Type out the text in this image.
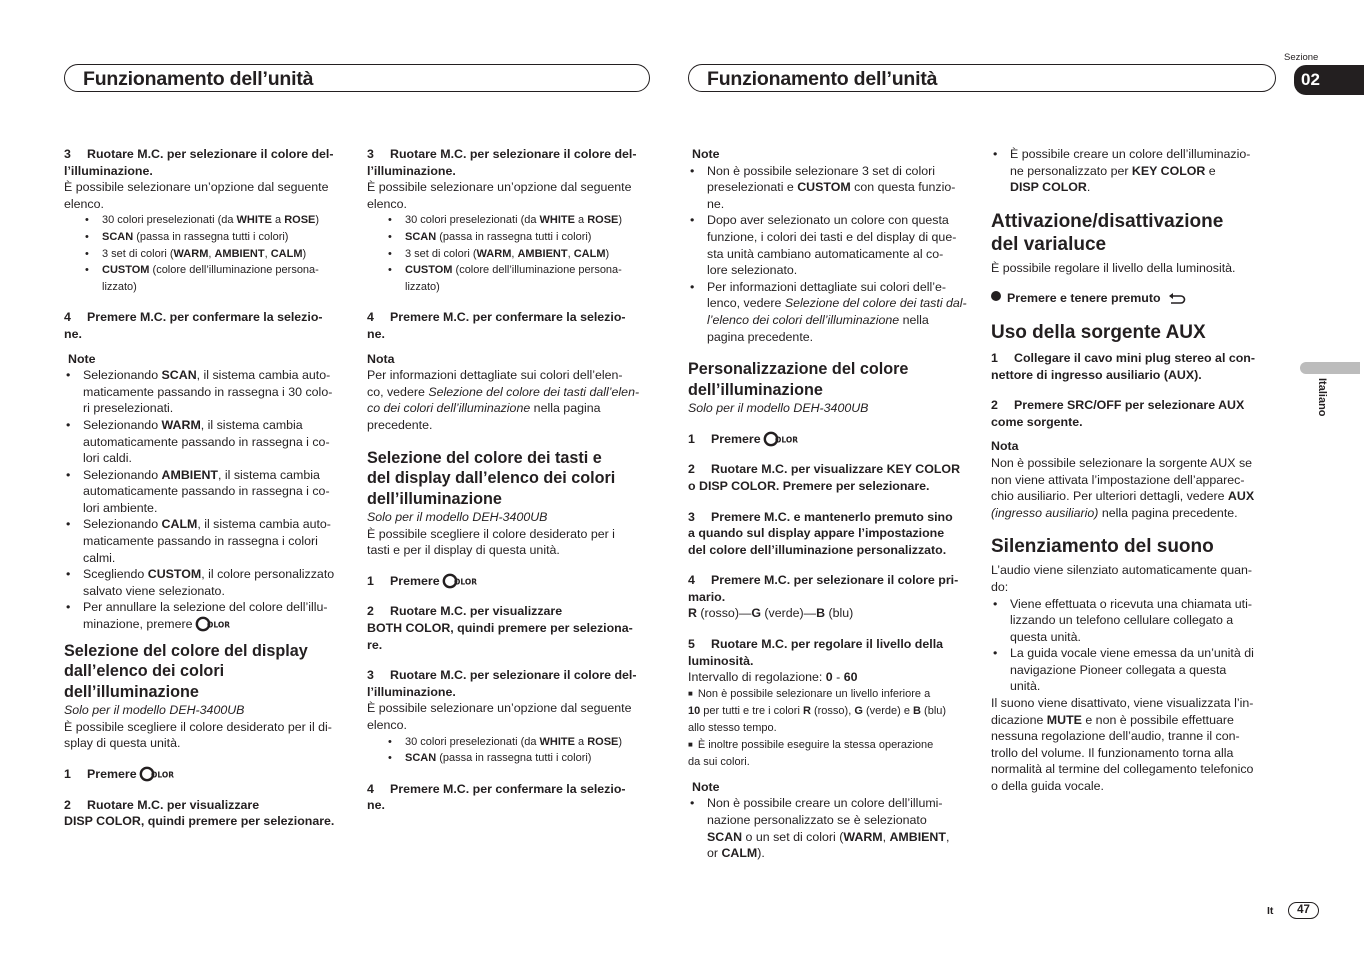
Funzionamento dell’unità	Funzionamento dell’unità
Sezione
02
Italiano
It	47

3 Ruotare M.C. per selezionare il colore del-
l’illuminazione.

È possibile selezionare un’opzione dal seguente
elenco.

• 30 colori preselezionati (da WHITE a ROSE)
• SCAN (passa in rassegna tutti i colori)
• 3 set di colori (WARM, AMBIENT, CALM)
• CUSTOM (colore dell’illuminazione persona-
lizzato)

4 Premere M.C. per confermare la selezio-
ne.

Note

• Selezionando SCAN, il sistema cambia auto-
maticamente passando in rassegna i 30 colo-
ri preselezionati.
• Selezionando WARM, il sistema cambia
automaticamente passando in rassegna i co-
lori caldi.
• Selezionando AMBIENT, il sistema cambia
automaticamente passando in rassegna i co-
lori ambiente.
• Selezionando CALM, il sistema cambia auto-
maticamente passando in rassegna i colori
calmi.
• Scegliendo CUSTOM, il colore personalizzato
salvato viene selezionato.
• Per annullare la selezione del colore dell’illu-
minazione, premere OLOR

Selezione del colore del display
dall’elenco dei colori
dell’illuminazione

Solo per il modello DEH-3400UB

È possibile scegliere il colore desiderato per il di-
splay di questa unità.

1 Premere OLOR

2 Ruotare M.C. per visualizzare
DISP COLOR, quindi premere per selezionare.

3 Ruotare M.C. per selezionare il colore del-
l’illuminazione.

È possibile selezionare un’opzione dal seguente
elenco.

• 30 colori preselezionati (da WHITE a ROSE)
• SCAN (passa in rassegna tutti i colori)
• 3 set di colori (WARM, AMBIENT, CALM)
• CUSTOM (colore dell’illuminazione persona-
lizzato)

4 Premere M.C. per confermare la selezio-
ne.

Nota

Per informazioni dettagliate sui colori dell’elen-
co, vedere Selezione del colore dei tasti dall’elen-
co dei colori dell’illuminazione nella pagina
precedente.

Selezione del colore dei tasti e
del display dall’elenco dei colori
dell’illuminazione

Solo per il modello DEH-3400UB

È possibile scegliere il colore desiderato per i
tasti e per il display di questa unità.

1 Premere OLOR

2 Ruotare M.C. per visualizzare
BOTH COLOR, quindi premere per seleziona-
re.

3 Ruotare M.C. per selezionare il colore del-
l’illuminazione.

È possibile selezionare un’opzione dal seguente
elenco.

• 30 colori preselezionati (da WHITE a ROSE)
• SCAN (passa in rassegna tutti i colori)

4 Premere M.C. per confermare la selezio-
ne.

Note

• Non è possibile selezionare 3 set di colori
preselezionati e CUSTOM con questa funzio-
ne.
• Dopo aver selezionato un colore con questa
funzione, i colori dei tasti e del display di que-
sta unità cambiano automaticamente al co-
lore selezionato.
• Per informazioni dettagliate sui colori dell’e-
lenco, vedere Selezione del colore dei tasti dal-
l’elenco dei colori dell’illuminazione nella
pagina precedente.

Personalizzazione del colore
dell’illuminazione

Solo per il modello DEH-3400UB

1 Premere OLOR

2 Ruotare M.C. per visualizzare KEY COLOR
o DISP COLOR. Premere per selezionare.

3 Premere M.C. e mantenerlo premuto sino
a quando sul display appare l’impostazione
del colore dell’illuminazione personalizzato.

4 Premere M.C. per selezionare il colore pri-
mario.

R (rosso)—G (verde)—B (blu)

5 Ruotare M.C. per regolare il livello della
luminosità.

Intervallo di regolazione: 0 - 60

■ Non è possibile selezionare un livello inferiore a
10 per tutti e tre i colori R (rosso), G (verde) e B (blu)
allo stesso tempo.

■ È inoltre possibile eseguire la stessa operazione
da sui colori.

Note

• Non è possibile creare un colore dell’illumi-
nazione personalizzato se è selezionato
SCAN o un set di colori (WARM, AMBIENT,
or CALM).
• È possibile creare un colore dell’illuminazio-
ne personalizzato per KEY COLOR e
DISP COLOR.

Attivazione/disattivazione
del varialuce

È possibile regolare il livello della luminosità.

Premere e tenere premuto

Uso della sorgente AUX

1 Collegare il cavo mini plug stereo al con-
nettore di ingresso ausiliario (AUX).

2 Premere SRC/OFF per selezionare AUX
come sorgente.

Nota

Non è possibile selezionare la sorgente AUX se
non viene attivata l’impostazione dell’apparec-
chio ausiliario. Per ulteriori dettagli, vedere AUX
(ingresso ausiliario) nella pagina precedente.

Silenziamento del suono

L’audio viene silenziato automaticamente quan-
do:

• Viene effettuata o ricevuta una chiamata uti-
lizzando un telefono cellulare collegato a
questa unità.
• La guida vocale viene emessa da un’unità di
navigazione Pioneer collegata a questa
unità.

Il suono viene disattivato, viene visualizzata l’in-
dicazione MUTE e non è possibile effettuare
nessuna regolazione dell’audio, tranne il con-
trollo del volume. Il funzionamento torna alla
normalità al termine del collegamento telefonico
o della guida vocale.
